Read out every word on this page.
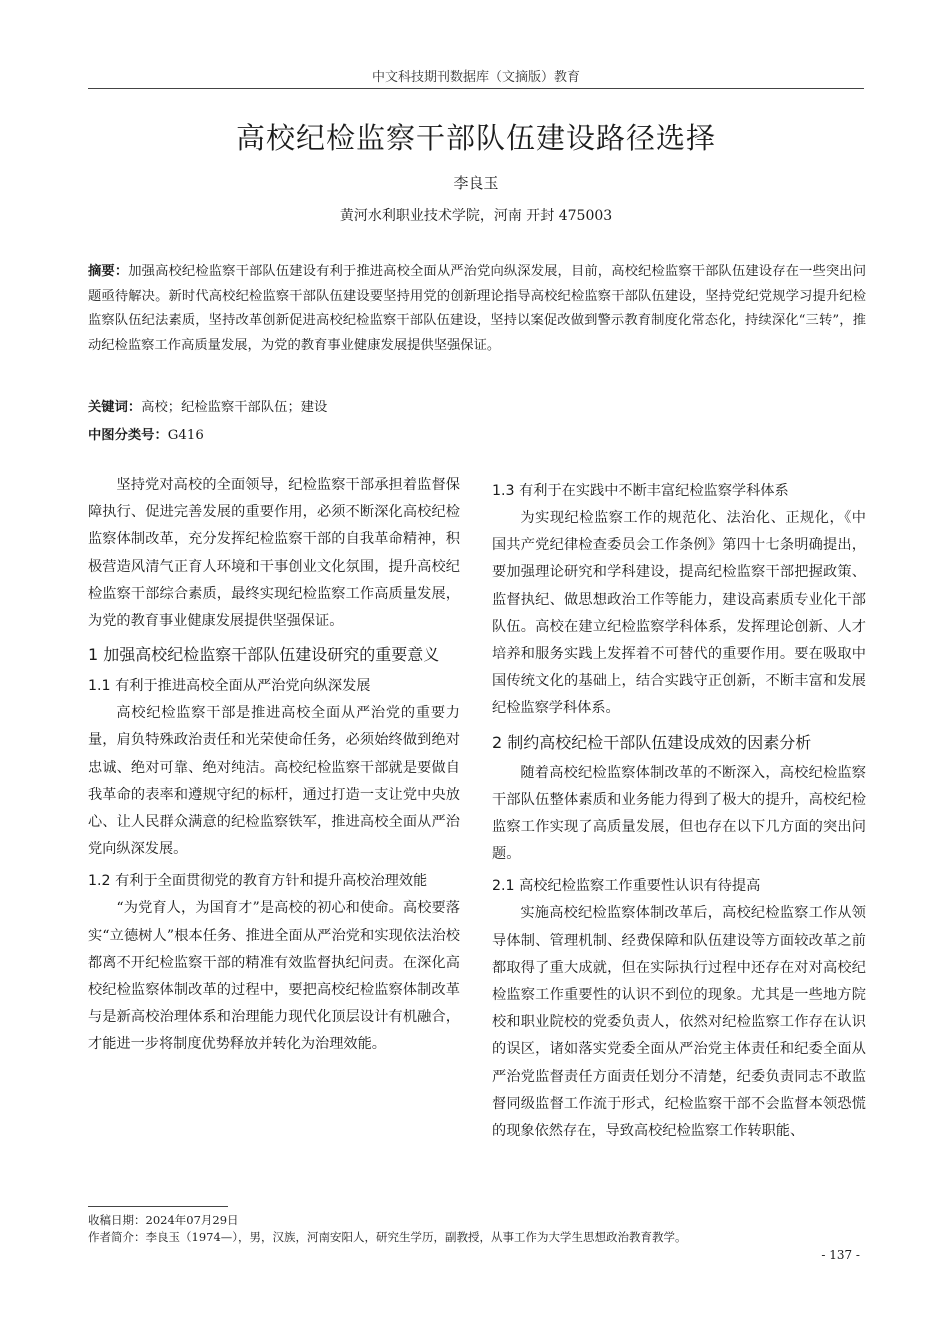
中文科技期刊数据库（文摘版）教育
高校纪检监察干部队伍建设路径选择
李良玉
黄河水利职业技术学院，河南 开封 475003
摘要：加强高校纪检监察干部队伍建设有利于推进高校全面从严治党向纵深发展，目前，高校纪检监察干部队伍建设存在一些突出问题亟待解决。新时代高校纪检监察干部队伍建设要坚持用党的创新理论指导高校纪检监察干部队伍建设，坚持党纪党规学习提升纪检监察队伍纪法素质，坚持改革创新促进高校纪检监察干部队伍建设，坚持以案促改做到警示教育制度化常态化，持续深化“三转”，推动纪检监察工作高质量发展，为党的教育事业健康发展提供坚强保证。
关键词：高校；纪检监察干部队伍；建设
中图分类号：G416

坚持党对高校的全面领导，纪检监察干部承担着监督保障执行、促进完善发展的重要作用，必须不断深化高校纪检监察体制改革，充分发挥纪检监察干部的自我革命精神，积极营造风清气正育人环境和干事创业文化氛围，提升高校纪检监察干部综合素质，最终实现纪检监察工作高质量发展，为党的教育事业健康发展提供坚强保证。

1 加强高校纪检监察干部队伍建设研究的重要意义
1.1 有利于推进高校全面从严治党向纵深发展

高校纪检监察干部是推进高校全面从严治党的重要力量，肩负特殊政治责任和光荣使命任务，必须始终做到绝对忠诚、绝对可靠、绝对纯洁。高校纪检监察干部就是要做自我革命的表率和遵规守纪的标杆，通过打造一支让党中央放心、让人民群众满意的纪检监察铁军，推进高校全面从严治党向纵深发展。

1.2 有利于全面贯彻党的教育方针和提升高校治理效能

“为党育人，为国育才”是高校的初心和使命。高校要落实“立德树人”根本任务、推进全面从严治党和实现依法治校都离不开纪检监察干部的精准有效监督执纪问责。在深化高校纪检监察体制改革的过程中，要把高校纪检监察体制改革与是新高校治理体系和治理能力现代化顶层设计有机融合，才能进一步将制度优势释放并转化为治理效能。

1.3 有利于在实践中不断丰富纪检监察学科体系

为实现纪检监察工作的规范化、法治化、正规化，《中国共产党纪律检查委员会工作条例》第四十七条明确提出，要加强理论研究和学科建设，提高纪检监察干部把握政策、监督执纪、做思想政治工作等能力，建设高素质专业化干部队伍。高校在建立纪检监察学科体系，发挥理论创新、人才培养和服务实践上发挥着不可替代的重要作用。要在吸取中国传统文化的基础上，结合实践守正创新，不断丰富和发展纪检监察学科体系。

2 制约高校纪检干部队伍建设成效的因素分析

随着高校纪检监察体制改革的不断深入，高校纪检监察干部队伍整体素质和业务能力得到了极大的提升，高校纪检监察工作实现了高质量发展，但也存在以下几方面的突出问题。

2.1 高校纪检监察工作重要性认识有待提高

实施高校纪检监察体制改革后，高校纪检监察工作从领导体制、管理机制、经费保障和队伍建设等方面较改革之前都取得了重大成就，但在实际执行过程中还存在对对高校纪检监察工作重要性的认识不到位的现象。尤其是一些地方院校和职业院校的党委负责人，依然对纪检监察工作存在认识的误区，诸如落实党委全面从严治党主体责任和纪委全面从严治党监督责任方面责任划分不清楚，纪委负责同志不敢监督同级监督工作流于形式，纪检监察干部不会监督本领恐慌的现象依然存在，导致高校纪检监察工作转职能、

收稿日期：2024年07月29日
作者简介：李良玉（1974—），男，汉族，河南安阳人，研究生学历，副教授，从事工作为大学生思想政治教育教学。
- 137 -
